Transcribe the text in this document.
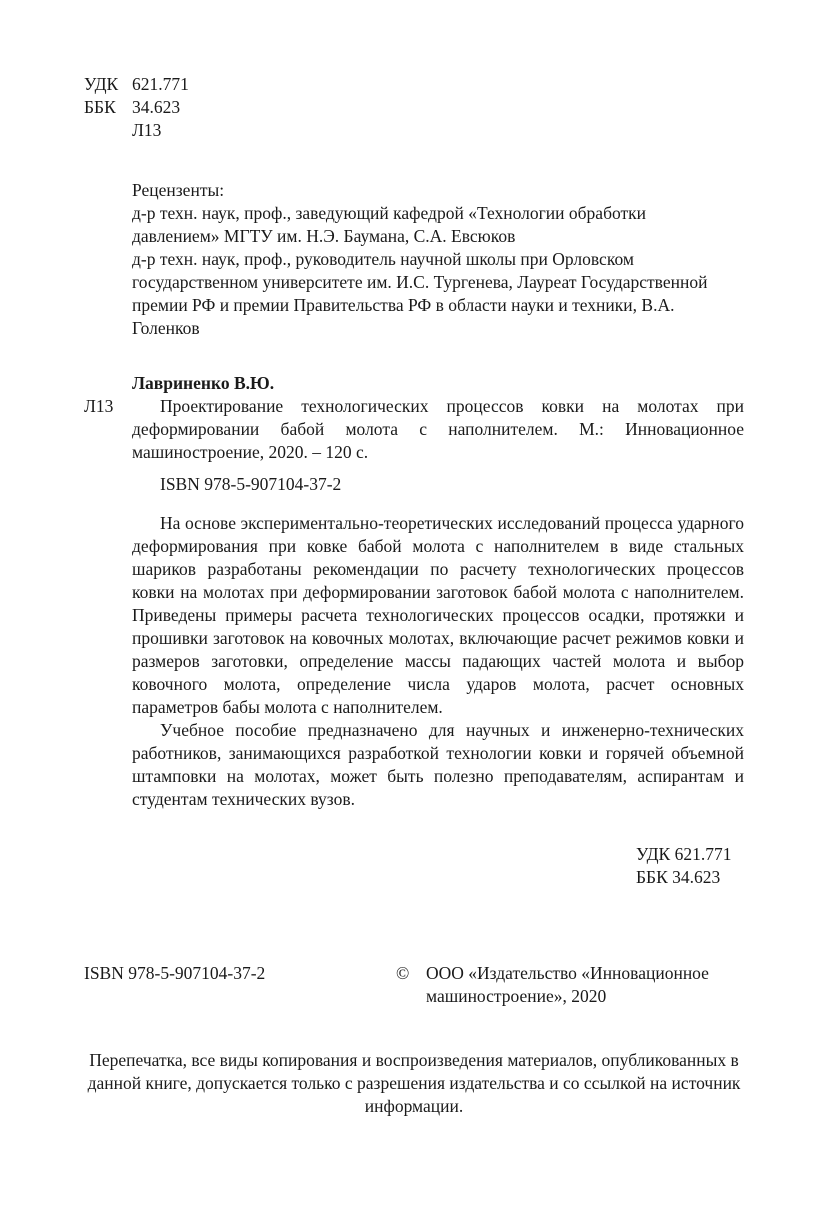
УДК 621.771
ББК 34.623
Л13

Рецензенты:

д-р техн. наук, проф., заведующий кафедрой «Технологии обработки давлением» МГТУ им. Н.Э. Баумана, С.А. Евсюков

д-р техн. наук, проф., руководитель научной школы при Орловском государственном университете им. И.С. Тургенева, Лауреат Государственной премии РФ и премии Правительства РФ в области науки и техники, В.А. Голенков

Лавриненко В.Ю.
Л13	Проектирование технологических процессов ковки на молотах при деформировании бабой молота с наполнителем. М.: Инновационное машиностроение, 2020. – 120 с.

ISBN 978-5-907104-37-2

На основе экспериментально-теоретических исследований процесса ударного деформирования при ковке бабой молота с наполнителем в виде стальных шариков разработаны рекомендации по расчету технологических процессов ковки на молотах при деформировании заготовок бабой молота с наполнителем. Приведены примеры расчета технологических процессов осадки, протяжки и прошивки заготовок на ковочных молотах, включающие расчет режимов ковки и размеров заготовки, определение массы падающих частей молота и выбор ковочного молота, определение числа ударов молота, расчет основных параметров бабы молота с наполнителем.

Учебное пособие предназначено для научных и инженерно-технических работников, занимающихся разработкой технологии ковки и горячей объемной штамповки на молотах, может быть полезно преподавателям, аспирантам и студентам технических вузов.

УДК 621.771
ББК 34.623
ISBN 978-5-907104-37-2	© ООО «Издательство «Инновационное машиностроение», 2020
Перепечатка, все виды копирования и воспроизведения материалов, опубликованных в данной книге, допускается только с разрешения издательства и со ссылкой на источник информации.
